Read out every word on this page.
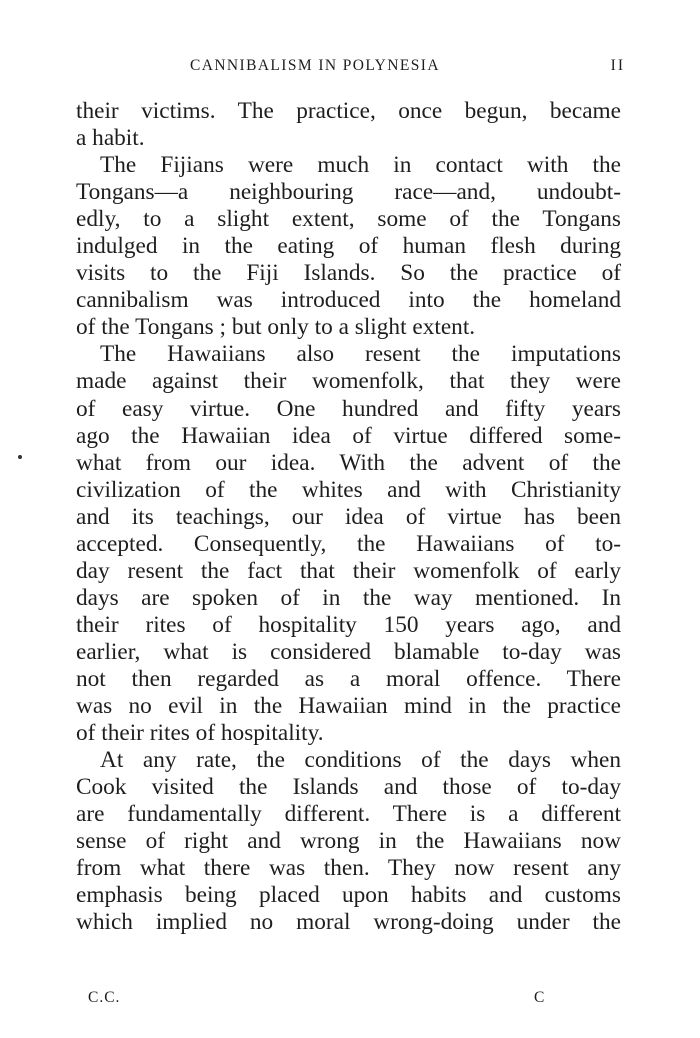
CANNIBALISM IN POLYNESIA	II
their victims. The practice, once begun, became
a habit.
The Fijians were much in contact with the
Tongans—a neighbouring race—and, undoubt-
edly, to a slight extent, some of the Tongans
indulged in the eating of human flesh during
visits to the Fiji Islands. So the practice of
cannibalism was introduced into the homeland
of the Tongans ; but only to a slight extent.
The Hawaiians also resent the imputations
made against their womenfolk, that they were
of easy virtue. One hundred and fifty years
ago the Hawaiian idea of virtue differed some-
what from our idea. With the advent of the
civilization of the whites and with Christianity
and its teachings, our idea of virtue has been
accepted. Consequently, the Hawaiians of to-
day resent the fact that their womenfolk of early
days are spoken of in the way mentioned. In
their rites of hospitality 150 years ago, and
earlier, what is considered blamable to-day was
not then regarded as a moral offence. There
was no evil in the Hawaiian mind in the practice
of their rites of hospitality.
At any rate, the conditions of the days when
Cook visited the Islands and those of to-day
are fundamentally different. There is a different
sense of right and wrong in the Hawaiians now
from what there was then. They now resent any
emphasis being placed upon habits and customs
which implied no moral wrong-doing under the
C.C.	C
